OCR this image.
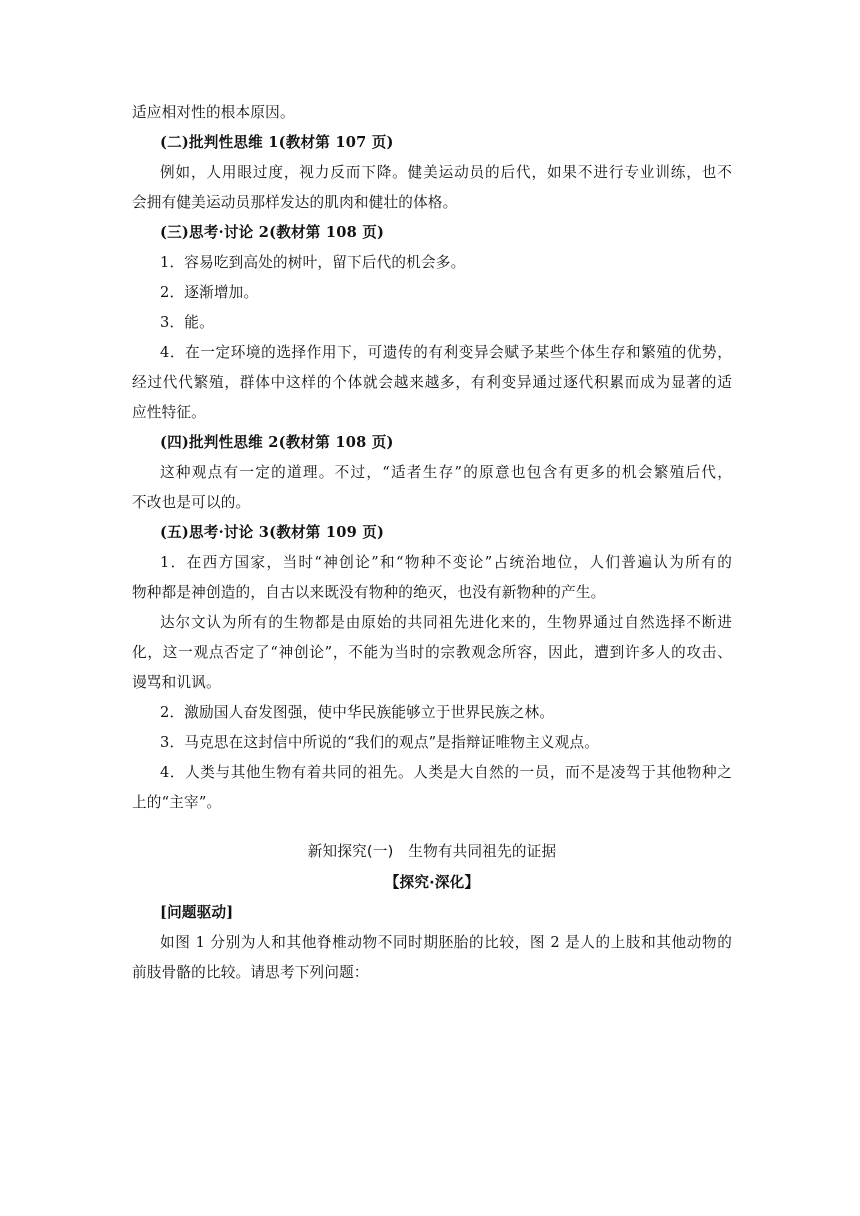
适应相对性的根本原因。
(二)批判性思维 1(教材第 107 页)
例如，人用眼过度，视力反而下降。健美运动员的后代，如果不进行专业训练，也不
会拥有健美运动员那样发达的肌肉和健壮的体格。
(三)思考·讨论 2(教材第 108 页)
1．容易吃到高处的树叶，留下后代的机会多。
2．逐渐增加。
3．能。
4．在一定环境的选择作用下，可遗传的有利变异会赋予某些个体生存和繁殖的优势，
经过代代繁殖，群体中这样的个体就会越来越多，有利变异通过逐代积累而成为显著的适
应性特征。
(四)批判性思维 2(教材第 108 页)
这种观点有一定的道理。不过，“适者生存”的原意也包含有更多的机会繁殖后代，
不改也是可以的。
(五)思考·讨论 3(教材第 109 页)
1．在西方国家，当时“神创论”和“物种不变论”占统治地位，人们普遍认为所有的
物种都是神创造的，自古以来既没有物种的绝灭，也没有新物种的产生。
达尔文认为所有的生物都是由原始的共同祖先进化来的，生物界通过自然选择不断进
化，这一观点否定了“神创论”，不能为当时的宗教观念所容，因此，遭到许多人的攻击、
谩骂和讥讽。
2．激励国人奋发图强，使中华民族能够立于世界民族之林。
3．马克思在这封信中所说的“我们的观点”是指辩证唯物主义观点。
4．人类与其他生物有着共同的祖先。人类是大自然的一员，而不是凌驾于其他物种之
上的“主宰”。
新知探究(一)　生物有共同祖先的证据
【探究·深化】
[问题驱动]
如图 1 分别为人和其他脊椎动物不同时期胚胎的比较，图 2 是人的上肢和其他动物的
前肢骨骼的比较。请思考下列问题：
